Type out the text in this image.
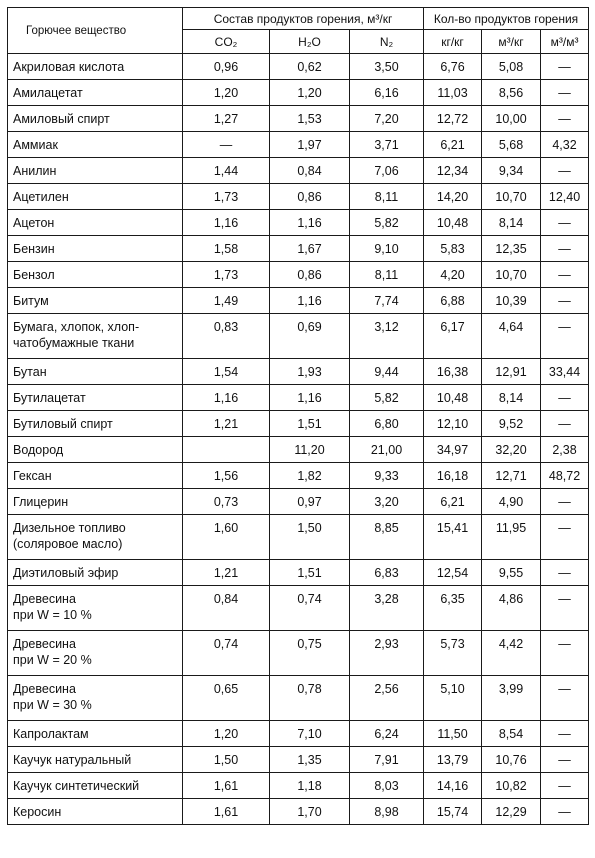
Горючее вещество	Состав продуктов горения, м³/кг			Кол-во продуктов горения		
	CO₂	H₂O	N₂	кг/кг	м³/кг	м³/м³

Акриловая кислота	0,96	0,62	3,50	6,76	5,08	—

Амилацетат	1,20	1,20	6,16	11,03	8,56	—

Амиловый спирт	1,27	1,53	7,20	12,72	10,00	—

Аммиак	—	1,97	3,71	6,21	5,68	4,32

Анилин	1,44	0,84	7,06	12,34	9,34	—

Ацетилен	1,73	0,86	8,11	14,20	10,70	12,40

Ацетон	1,16	1,16	5,82	10,48	8,14	—

Бензин	1,58	1,67	9,10	5,83	12,35	—

Бензол	1,73	0,86	8,11	4,20	10,70	—

Битум	1,49	1,16	7,74	6,88	10,39	—

Бумага, хлопок, хлоп-
чатобумажные ткани	0,83	0,69	3,12	6,17	4,64	—

Бутан	1,54	1,93	9,44	16,38	12,91	33,44

Бутилацетат	1,16	1,16	5,82	10,48	8,14	—

Бутиловый спирт	1,21	1,51	6,80	12,10	9,52	—

Водород		11,20	21,00	34,97	32,20	2,38

Гексан	1,56	1,82	9,33	16,18	12,71	48,72

Глицерин	0,73	0,97	3,20	6,21	4,90	—

Дизельное топливо
(соляровое масло)	1,60	1,50	8,85	15,41	11,95	—

Диэтиловый эфир	1,21	1,51	6,83	12,54	9,55	—

Древесина
при W = 10 %	0,84	0,74	3,28	6,35	4,86	—

Древесина
при W = 20 %	0,74	0,75	2,93	5,73	4,42	—

Древесина
при W = 30 %	0,65	0,78	2,56	5,10	3,99	—

Капролактам	1,20	7,10	6,24	11,50	8,54	—

Каучук натуральный	1,50	1,35	7,91	13,79	10,76	—

Каучук синтетический	1,61	1,18	8,03	14,16	10,82	—

Керосин	1,61	1,70	8,98	15,74	12,29	—
